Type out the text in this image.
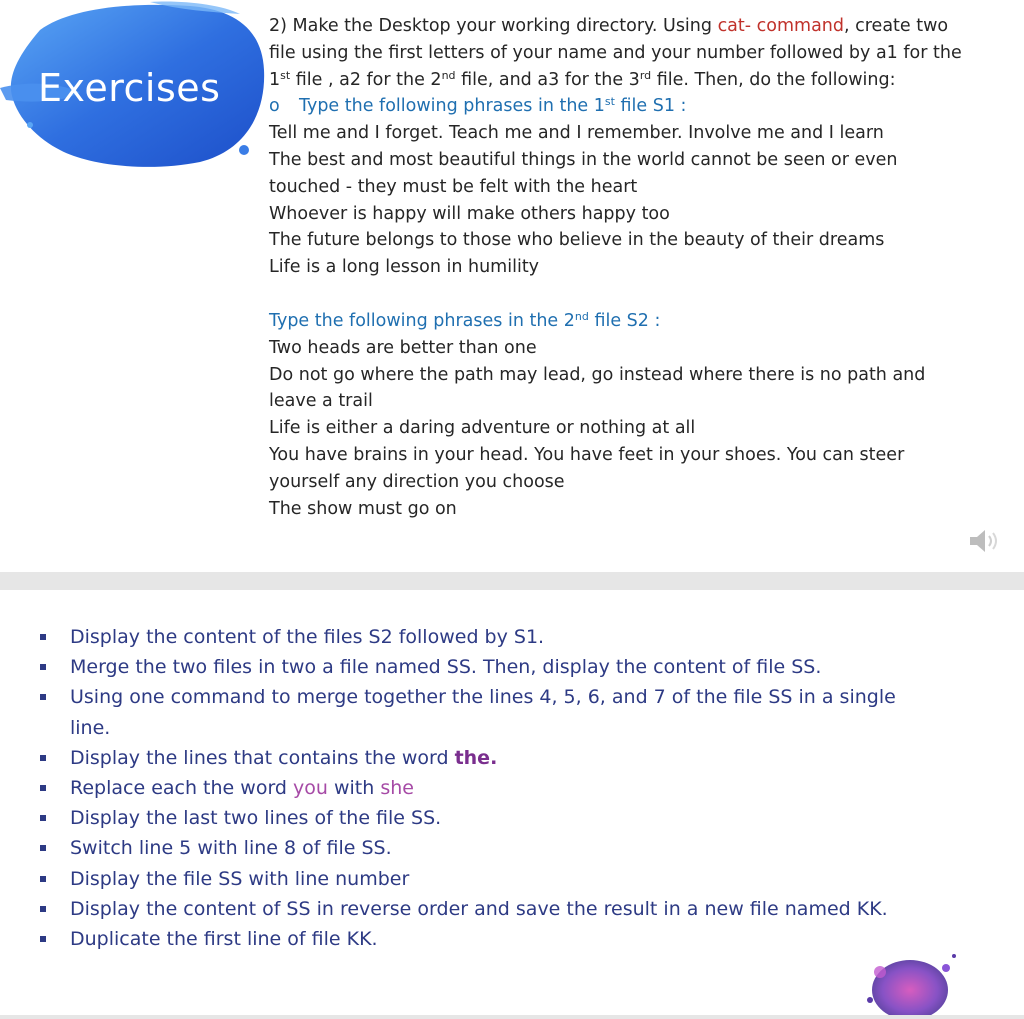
Exercises

2) Make the Desktop your working directory. Using cat- command, create two

file using the first letters of your name and your number followed by a1 for the

1st file , a2 for the 2nd file, and a3 for the 3rd file. Then, do the following:

o Type the following phrases in the 1st file S1 :

Tell me and I forget. Teach me and I remember. Involve me and I learn

The best and most beautiful things in the world cannot be seen or even

touched - they must be felt with the heart

Whoever is happy will make others happy too

The future belongs to those who believe in the beauty of their dreams

Life is a long lesson in humility

Type the following phrases in the 2nd file S2 :

Two heads are better than one

Do not go where the path may lead, go instead where there is no path and

leave a trail

Life is either a daring adventure or nothing at all

You have brains in your head. You have feet in your shoes. You can steer

yourself any direction you choose

The show must go on

Display the content of the files S2 followed by S1.
Merge the two files in two a file named SS. Then, display the content of file SS.
Using one command to merge together the lines 4, 5, 6, and 7 of the file SS in a single
line.
Display the lines that contains the word the.
Replace each the word you with she
Display the last two lines of the file SS.
Switch line 5 with line 8 of file SS.
Display the file SS with line number
Display the content of SS in reverse order and save the result in a new file named KK.
Duplicate the first line of file KK.
